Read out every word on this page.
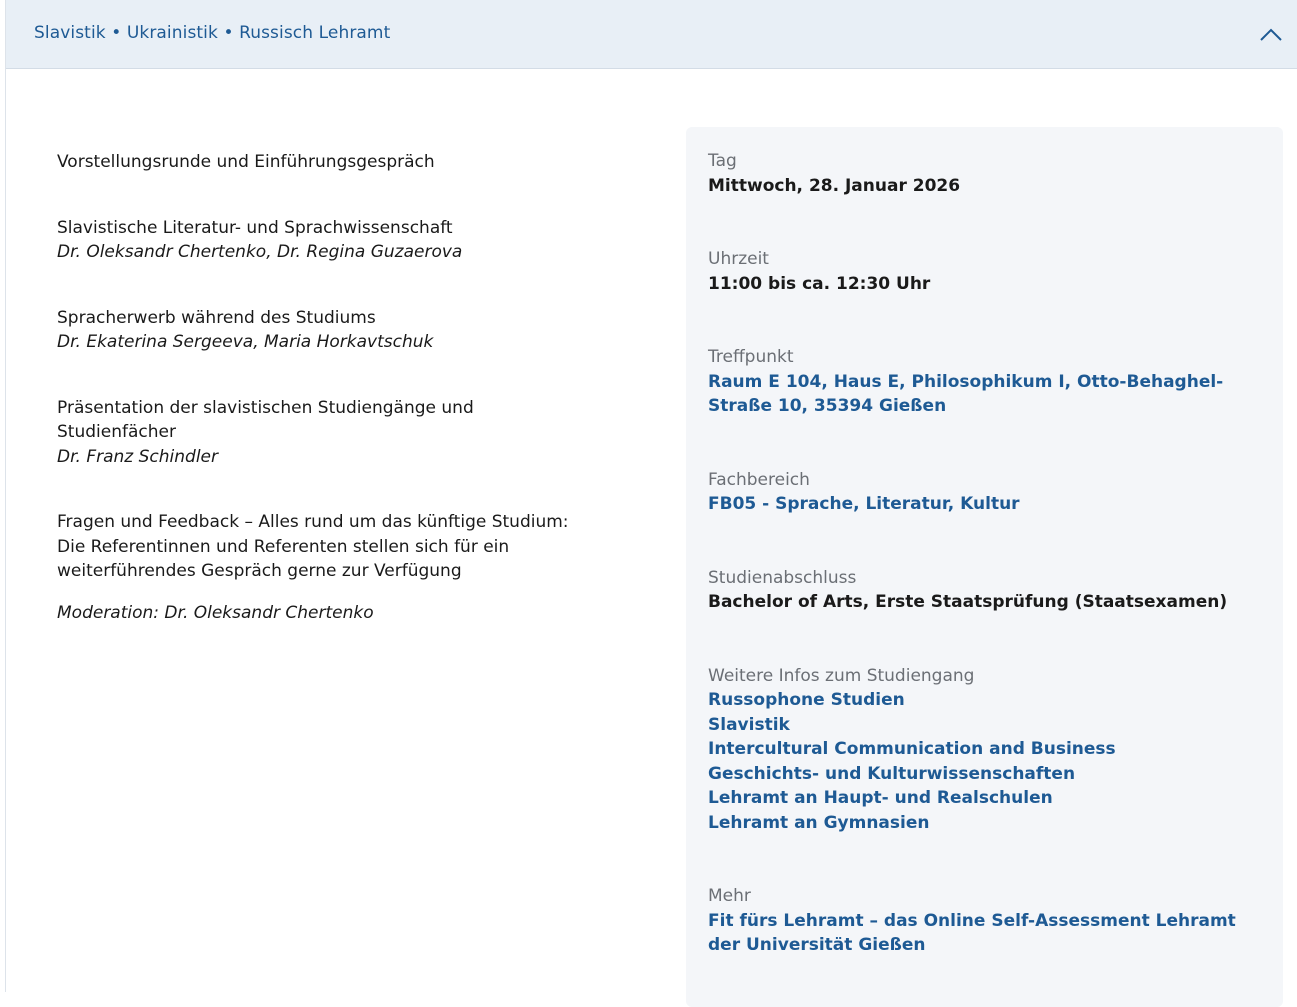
Slavistik • Ukrainistik • Russisch Lehramt
Vorstellungsrunde und Einführungsgespräch
Slavistische Literatur- und Sprachwissenschaft
Dr. Oleksandr Chertenko, Dr. Regina Guzaerova
Spracherwerb während des Studiums
Dr. Ekaterina Sergeeva, Maria Horkavtschuk
Präsentation der slavistischen Studiengänge und Studienfächer
Dr. Franz Schindler
Fragen und Feedback – Alles rund um das künftige Studium: Die Referentinnen und Referenten stellen sich für ein weiterführendes Gespräch gerne zur Verfügung
Moderation: Dr. Oleksandr Chertenko
Tag
Mittwoch, 28. Januar 2026
Uhrzeit
11:00 bis ca. 12:30 Uhr
Treffpunkt
Raum E 104, Haus E, Philosophikum I, Otto-Behaghel-Straße 10, 35394 Gießen
Fachbereich
FB05 - Sprache, Literatur, Kultur
Studienabschluss
Bachelor of Arts, Erste Staatsprüfung (Staatsexamen)
Weitere Infos zum Studiengang
Russophone Studien
Slavistik
Intercultural Communication and Business
Geschichts- und Kulturwissenschaften
Lehramt an Haupt- und Realschulen
Lehramt an Gymnasien
Mehr
Fit fürs Lehramt – das Online Self-Assessment Lehramt der Universität Gießen
